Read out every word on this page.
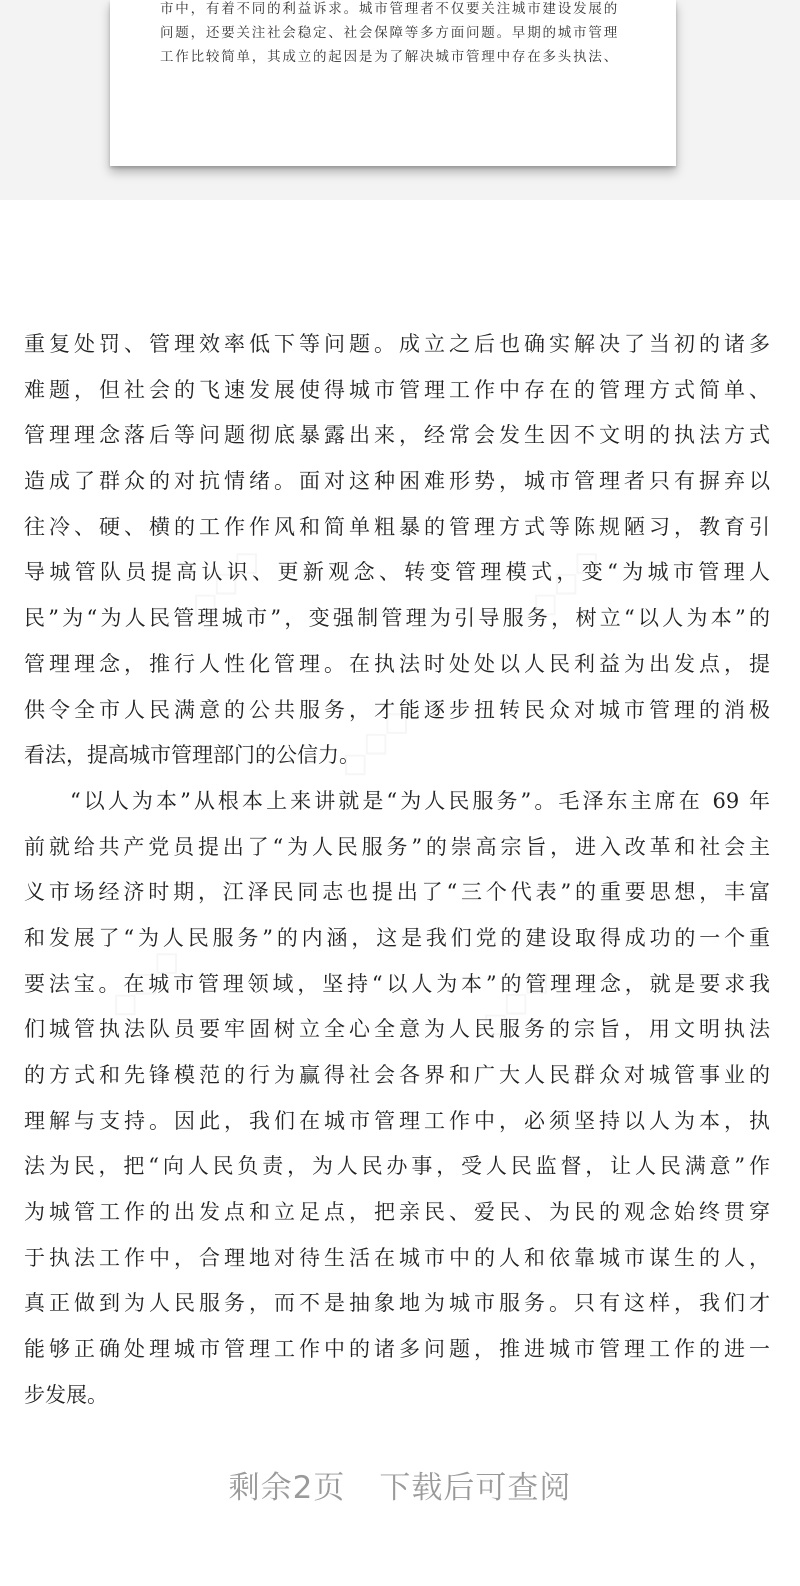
市中，有着不同的利益诉求。城市管理者不仅要关注城市建设发展的
问题，还要关注社会稳定、社会保障等多方面问题。早期的城市管理
工作比较简单，其成立的起因是为了解决城市管理中存在多头执法、
重复处罚、管理效率低下等问题。成立之后也确实解决了当初的诸多
难题，但社会的飞速发展使得城市管理工作中存在的管理方式简单、
管理理念落后等问题彻底暴露出来，经常会发生因不文明的执法方式
造成了群众的对抗情绪。面对这种困难形势，城市管理者只有摒弃以
往冷、硬、横的工作作风和简单粗暴的管理方式等陈规陋习，教育引
导城管队员提高认识、更新观念、转变管理模式，变“为城市管理人
民”为“为人民管理城市”，变强制管理为引导服务，树立“以人为本”的
管理理念，推行人性化管理。在执法时处处以人民利益为出发点，提
供令全市人民满意的公共服务，才能逐步扭转民众对城市管理的消极
看法，提高城市管理部门的公信力。
“以人为本”从根本上来讲就是“为人民服务”。毛泽东主席在 69 年
前就给共产党员提出了“为人民服务”的崇高宗旨，进入改革和社会主
义市场经济时期，江泽民同志也提出了“三个代表”的重要思想，丰富
和发展了“为人民服务”的内涵，这是我们党的建设取得成功的一个重
要法宝。在城市管理领域，坚持“以人为本”的管理理念，就是要求我
们城管执法队员要牢固树立全心全意为人民服务的宗旨，用文明执法
的方式和先锋模范的行为赢得社会各界和广大人民群众对城管事业的
理解与支持。因此，我们在城市管理工作中，必须坚持以人为本，执
法为民，把“向人民负责，为人民办事，受人民监督，让人民满意”作
为城管工作的出发点和立足点，把亲民、爱民、为民的观念始终贯穿
于执法工作中，合理地对待生活在城市中的人和依靠城市谋生的人，
真正做到为人民服务，而不是抽象地为城市服务。只有这样，我们才
能够正确处理城市管理工作中的诸多问题，推进城市管理工作的进一
步发展。
剩余2页 下载后可查阅
